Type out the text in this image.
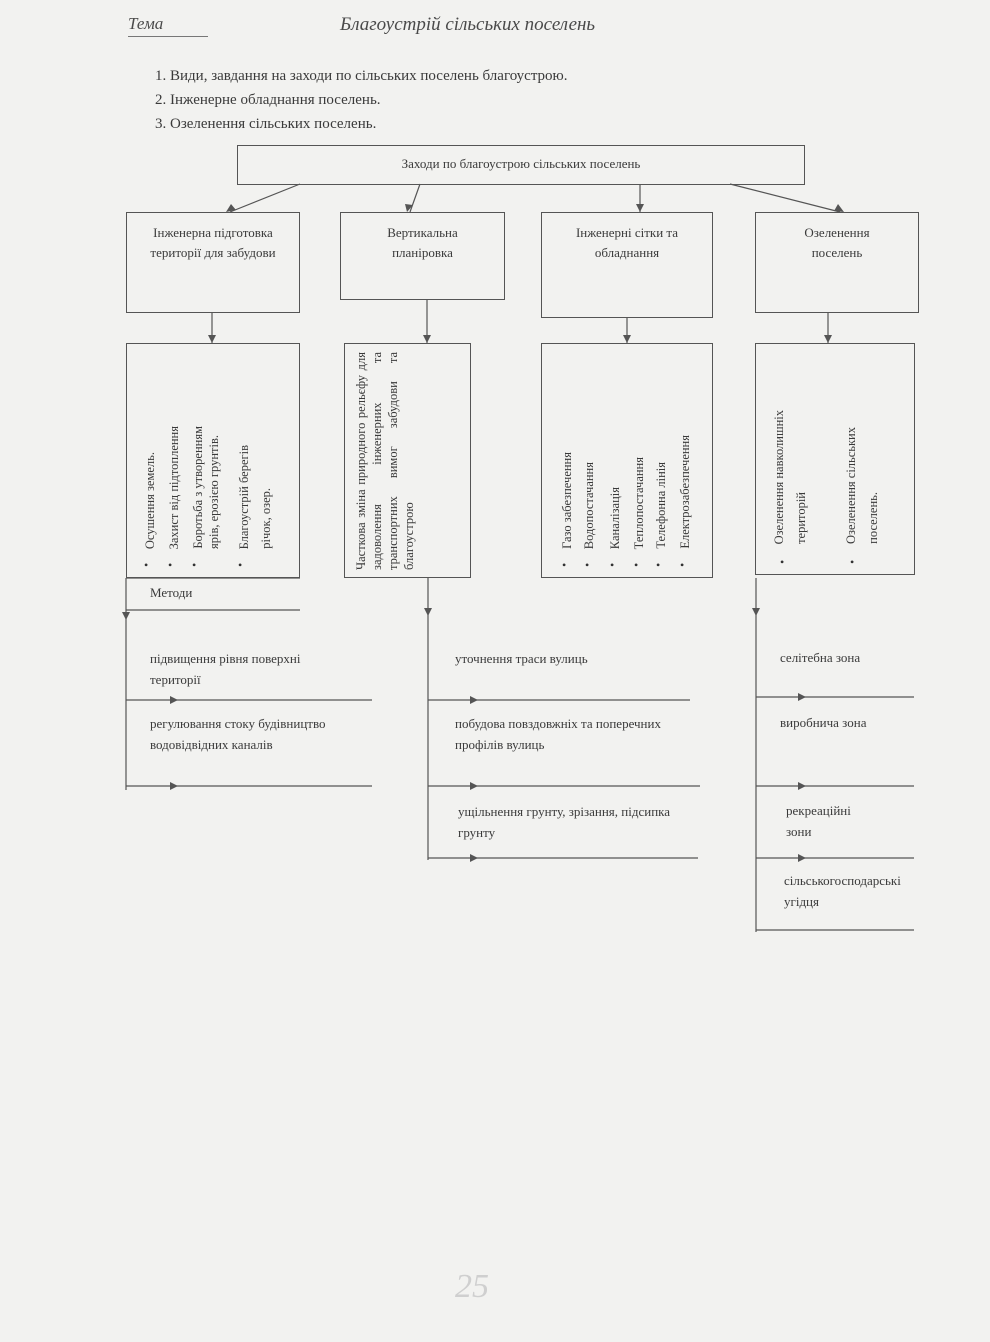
Тема	Благоустрій сільських поселень
1. Види, завдання на заходи по сільських поселень благоустрою.
2. Інженерне обладнання поселень.
3. Озеленення сільських поселень.
Заходи по благоустрою сільських поселень
Інженерна підготовка території для забудови
Вертикальна планіровка
Інженерні сітки та обладнання
Озеленення поселень
Осушення земель. Захист від підтоплення Боротьба з утворенням ярів, ерозією грунтів. Благоустрій берегів річок, озер.
• • •	•	Часткова зміна природного рельєфу для задоволення інженерних та транспортних вимог забудови та благоустрою	Газо забезпечення Водопостачання Каналізація Теплопостачання Телефонна лінія Електрозабезпечення
• • • • • •
Озеленення навколишніх територій	Озеленення сільських поселень.
•	•
Методи
підвищення рівня поверхні території
регулювання стоку будівництво водовідвідних каналів
уточнення траси вулиць
побудова повздовжніх та поперечних профілів вулиць
ущільнення грунту, зрізання, підсипка грунту
селітебна зона
виробнича зона
рекреаційні зони
сільськогосподарські угідця
25
